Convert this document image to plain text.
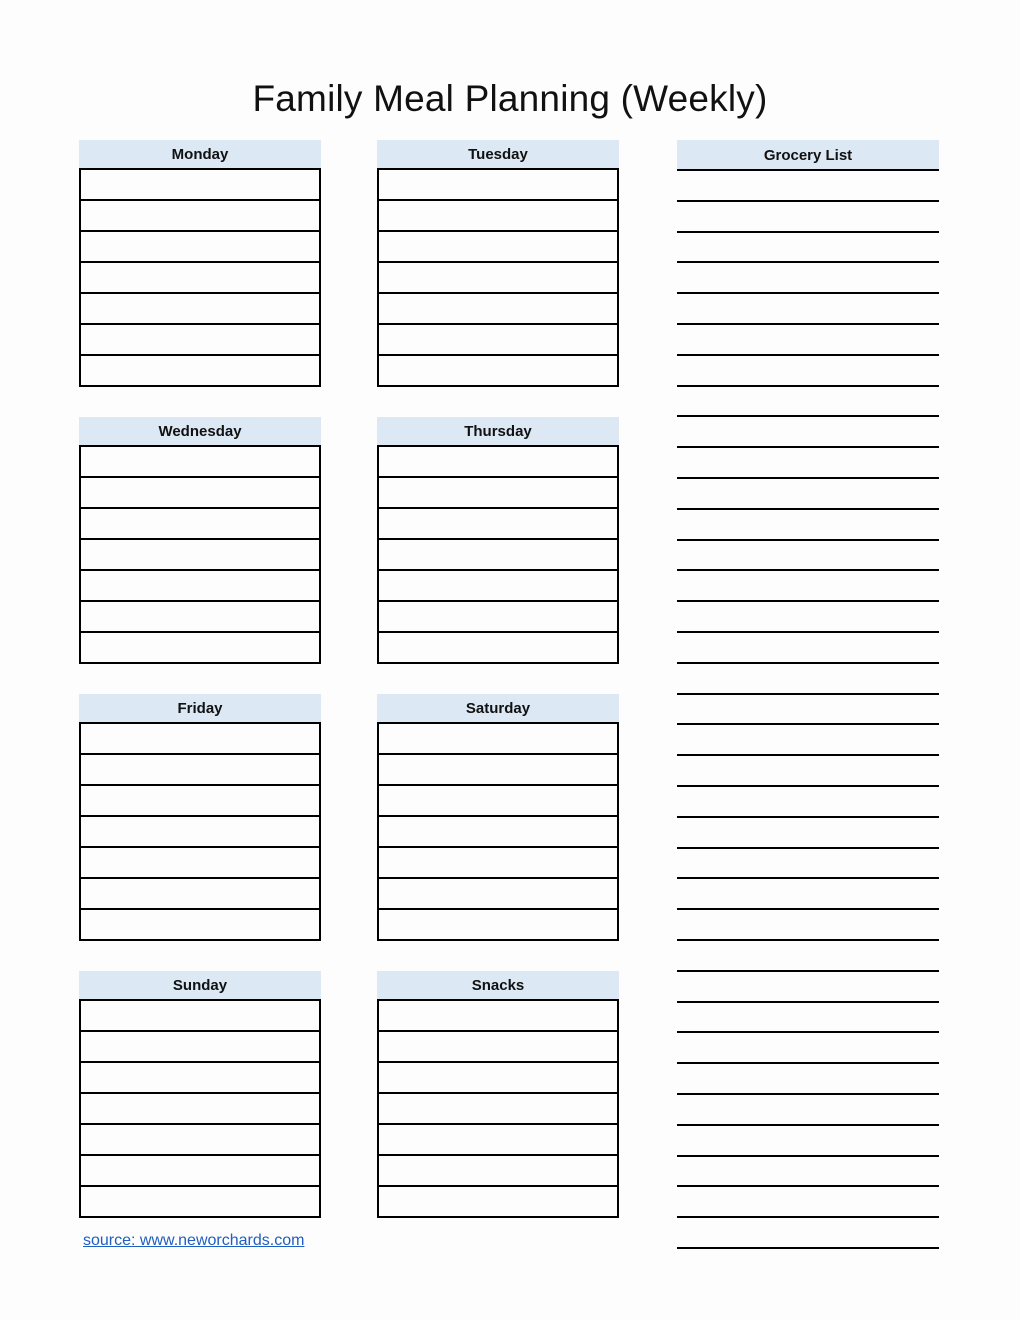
Family Meal Planning (Weekly)
Monday	Tuesday
Wednesday	Thursday
Friday	Saturday
Sunday	Snacks
Grocery List
source: www.neworchards.com
